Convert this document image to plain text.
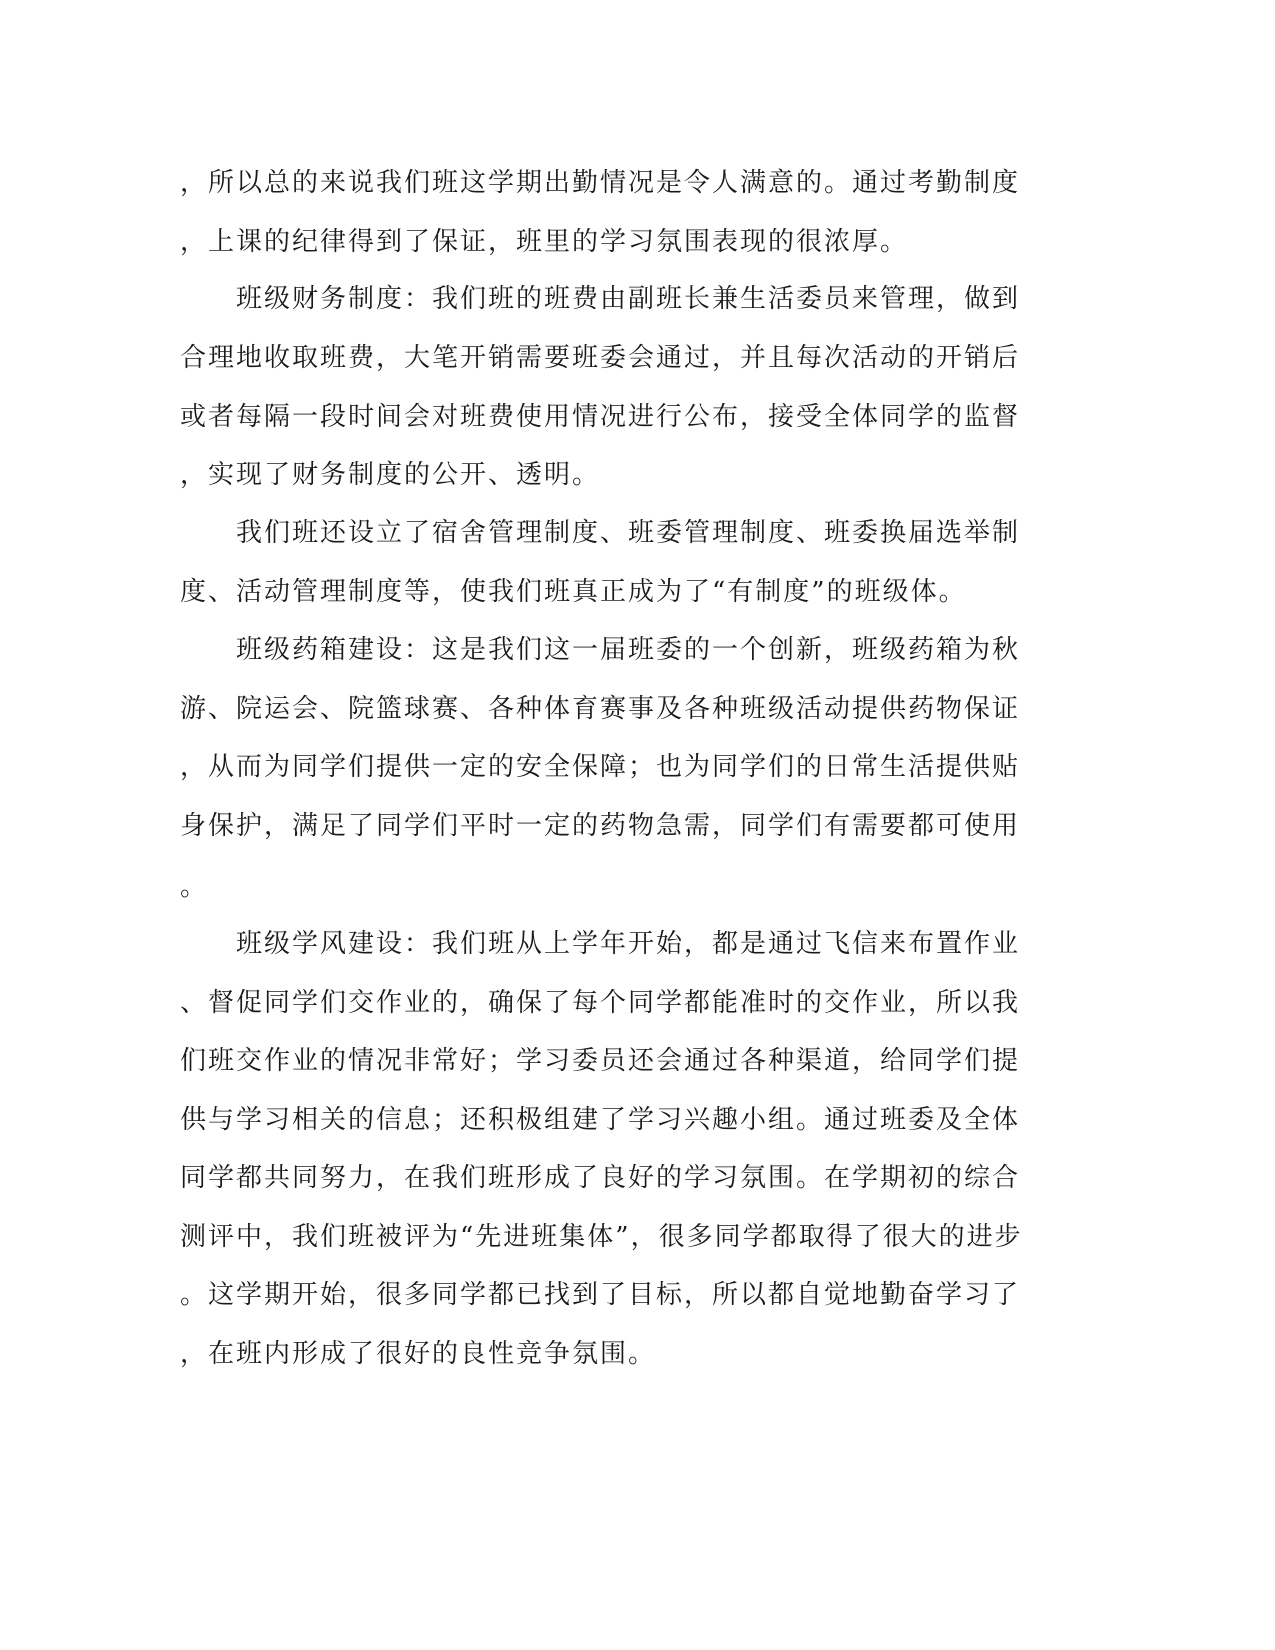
，所以总的来说我们班这学期出勤情况是令人满意的。通过考勤制度
，上课的纪律得到了保证，班里的学习氛围表现的很浓厚。
　　班级财务制度：我们班的班费由副班长兼生活委员来管理，做到
合理地收取班费，大笔开销需要班委会通过，并且每次活动的开销后
或者每隔一段时间会对班费使用情况进行公布，接受全体同学的监督
，实现了财务制度的公开、透明。
　　我们班还设立了宿舍管理制度、班委管理制度、班委换届选举制
度、活动管理制度等，使我们班真正成为了“有制度”的班级体。
　　班级药箱建设：这是我们这一届班委的一个创新，班级药箱为秋
游、院运会、院篮球赛、各种体育赛事及各种班级活动提供药物保证
，从而为同学们提供一定的安全保障；也为同学们的日常生活提供贴
身保护，满足了同学们平时一定的药物急需，同学们有需要都可使用
。
　　班级学风建设：我们班从上学年开始，都是通过飞信来布置作业
、督促同学们交作业的，确保了每个同学都能准时的交作业，所以我
们班交作业的情况非常好；学习委员还会通过各种渠道，给同学们提
供与学习相关的信息；还积极组建了学习兴趣小组。通过班委及全体
同学都共同努力，在我们班形成了良好的学习氛围。在学期初的综合
测评中，我们班被评为“先进班集体”，很多同学都取得了很大的进步
。这学期开始，很多同学都已找到了目标，所以都自觉地勤奋学习了
，在班内形成了很好的良性竞争氛围。
